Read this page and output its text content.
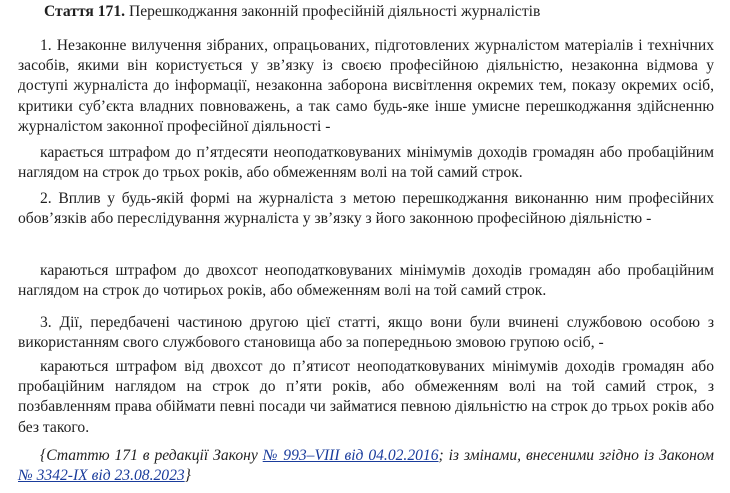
Стаття 171. Перешкоджання законній професійній діяльності журналістів

1. Незаконне вилучення зібраних, опрацьованих, підготовлених журналістом матеріалів і технічних засобів, якими він користується у зв’язку із своєю професійною діяльністю, незаконна відмова у доступі журналіста до інформації, незаконна заборона висвітлення окремих тем, показу окремих осіб, критики суб’єкта владних повноважень, а так само будь-яке інше умисне перешкоджання здійсненню журналістом законної професійної діяльності -

карається штрафом до п’ятдесяти неоподатковуваних мінімумів доходів громадян або пробаційним наглядом на строк до трьох років, або обмеженням волі на той самий строк.

2. Вплив у будь-якій формі на журналіста з метою перешкоджання виконанню ним професійних обов’язків або переслідування журналіста у зв’язку з його законною професійною діяльністю -

караються штрафом до двохсот неоподатковуваних мінімумів доходів громадян або пробаційним наглядом на строк до чотирьох років, або обмеженням волі на той самий строк.

3. Дії, передбачені частиною другою цієї статті, якщо вони були вчинені службовою особою з використанням свого службового становища або за попередньою змовою групою осіб, -

караються штрафом від двохсот до п’ятисот неоподатковуваних мінімумів доходів громадян або пробаційним наглядом на строк до п’яти років, або обмеженням волі на той самий строк, з позбавленням права обіймати певні посади чи займатися певною діяльністю на строк до трьох років або без такого.

{Статтю 171 в редакції Закону № 993–VIII від 04.02.2016; із змінами, внесеними згідно із Законом № 3342-IX від 23.08.2023}
